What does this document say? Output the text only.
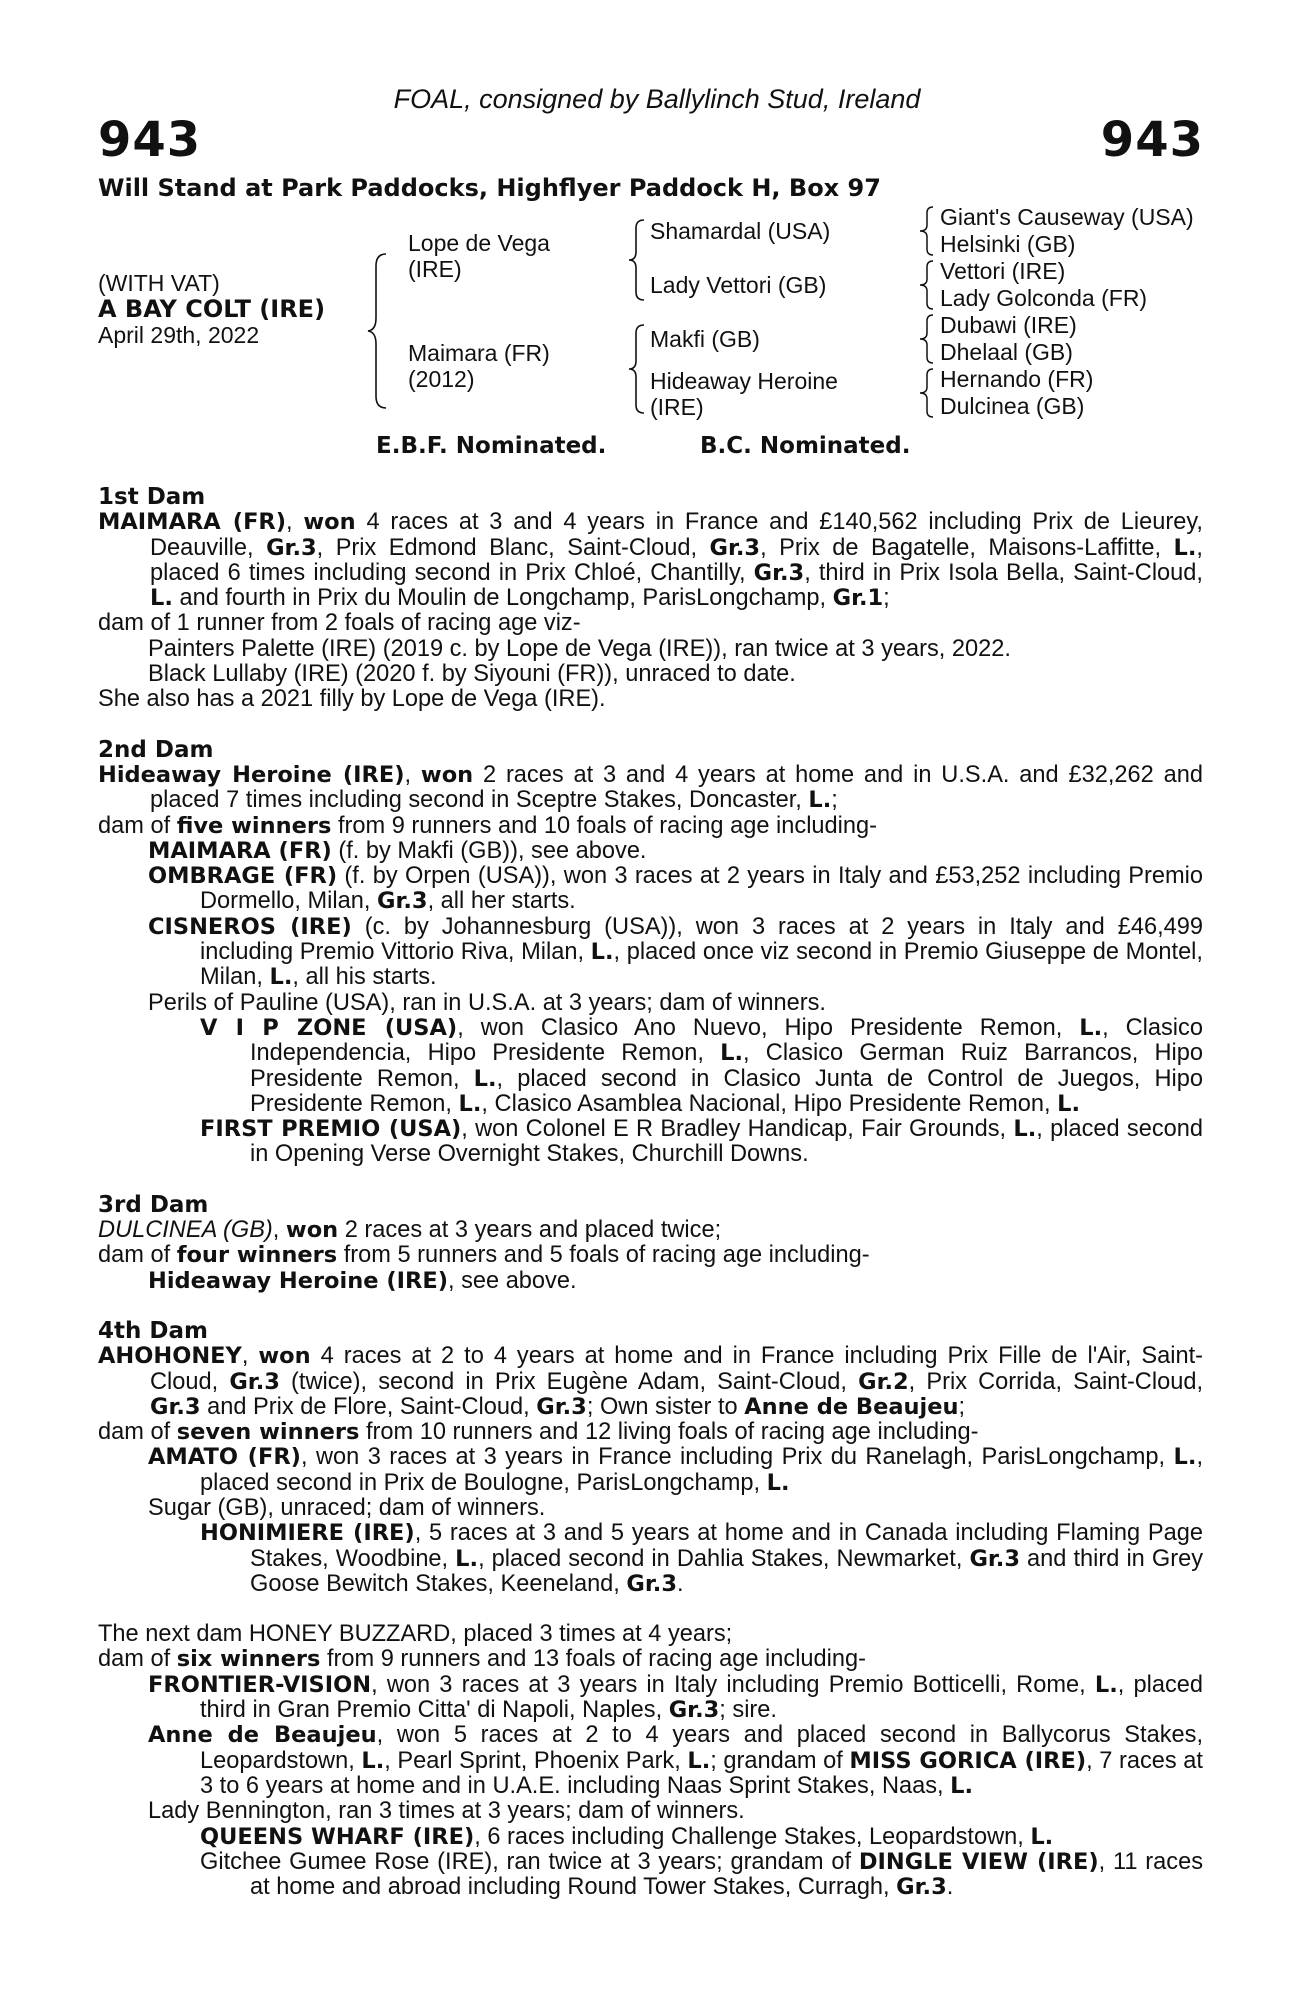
FOAL, consigned by Ballylinch Stud, Ireland
943	943
Will Stand at Park Paddocks, Highflyer Paddock H, Box 97
(WITH VAT)
A BAY COLT (IRE)
April 29th, 2022
Lope de Vega
(IRE)
Maimara (FR)
(2012)
Shamardal (USA)
Lady Vettori (GB)
Makfi (GB)
Hideaway Heroine
(IRE)
Giant's Causeway (USA)
Helsinki (GB)
Vettori (IRE)
Lady Golconda (FR)
Dubawi (IRE)
Dhelaal (GB)
Hernando (FR)
Dulcinea (GB)
E.B.F. Nominated.	B.C. Nominated.
1st Dam

MAIMARA (FR), won 4 races at 3 and 4 years in France and £140,562 including Prix de Lieurey, Deauville, Gr.3, Prix Edmond Blanc, Saint-Cloud, Gr.3, Prix de Bagatelle, Maisons-Laffitte, L., placed 6 times including second in Prix Chloé, Chantilly, Gr.3, third in Prix Isola Bella, Saint-Cloud, L. and fourth in Prix du Moulin de Longchamp, ParisLongchamp, Gr.1;

dam of 1 runner from 2 foals of racing age viz-

Painters Palette (IRE) (2019 c. by Lope de Vega (IRE)), ran twice at 3 years, 2022.

Black Lullaby (IRE) (2020 f. by Siyouni (FR)), unraced to date.

She also has a 2021 filly by Lope de Vega (IRE).

2nd Dam

Hideaway Heroine (IRE), won 2 races at 3 and 4 years at home and in U.S.A. and £32,262 and placed 7 times including second in Sceptre Stakes, Doncaster, L.;

dam of five winners from 9 runners and 10 foals of racing age including-

MAIMARA (FR) (f. by Makfi (GB)), see above.

OMBRAGE (FR) (f. by Orpen (USA)), won 3 races at 2 years in Italy and £53,252 including Premio Dormello, Milan, Gr.3, all her starts.

CISNEROS (IRE) (c. by Johannesburg (USA)), won 3 races at 2 years in Italy and £46,499 including Premio Vittorio Riva, Milan, L., placed once viz second in Premio Giuseppe de Montel, Milan, L., all his starts.

Perils of Pauline (USA), ran in U.S.A. at 3 years; dam of winners.

V I P ZONE (USA), won Clasico Ano Nuevo, Hipo Presidente Remon, L., Clasico Independencia, Hipo Presidente Remon, L., Clasico German Ruiz Barrancos, Hipo Presidente Remon, L., placed second in Clasico Junta de Control de Juegos, Hipo Presidente Remon, L., Clasico Asamblea Nacional, Hipo Presidente Remon, L.

FIRST PREMIO (USA), won Colonel E R Bradley Handicap, Fair Grounds, L., placed second in Opening Verse Overnight Stakes, Churchill Downs.

3rd Dam

DULCINEA (GB), won 2 races at 3 years and placed twice;

dam of four winners from 5 runners and 5 foals of racing age including-

Hideaway Heroine (IRE), see above.

4th Dam

AHOHONEY, won 4 races at 2 to 4 years at home and in France including Prix Fille de l'Air, Saint-Cloud, Gr.3 (twice), second in Prix Eugène Adam, Saint-Cloud, Gr.2, Prix Corrida, Saint-Cloud, Gr.3 and Prix de Flore, Saint-Cloud, Gr.3; Own sister to Anne de Beaujeu;

dam of seven winners from 10 runners and 12 living foals of racing age including-

AMATO (FR), won 3 races at 3 years in France including Prix du Ranelagh, ParisLongchamp, L., placed second in Prix de Boulogne, ParisLongchamp, L.

Sugar (GB), unraced; dam of winners.

HONIMIERE (IRE), 5 races at 3 and 5 years at home and in Canada including Flaming Page Stakes, Woodbine, L., placed second in Dahlia Stakes, Newmarket, Gr.3 and third in Grey Goose Bewitch Stakes, Keeneland, Gr.3.

The next dam HONEY BUZZARD, placed 3 times at 4 years;

dam of six winners from 9 runners and 13 foals of racing age including-

FRONTIER-VISION, won 3 races at 3 years in Italy including Premio Botticelli, Rome, L., placed third in Gran Premio Citta' di Napoli, Naples, Gr.3; sire.

Anne de Beaujeu, won 5 races at 2 to 4 years and placed second in Ballycorus Stakes, Leopardstown, L., Pearl Sprint, Phoenix Park, L.; grandam of MISS GORICA (IRE), 7 races at 3 to 6 years at home and in U.A.E. including Naas Sprint Stakes, Naas, L.

Lady Bennington, ran 3 times at 3 years; dam of winners.

QUEENS WHARF (IRE), 6 races including Challenge Stakes, Leopardstown, L.

Gitchee Gumee Rose (IRE), ran twice at 3 years; grandam of DINGLE VIEW (IRE), 11 races at home and abroad including Round Tower Stakes, Curragh, Gr.3.
